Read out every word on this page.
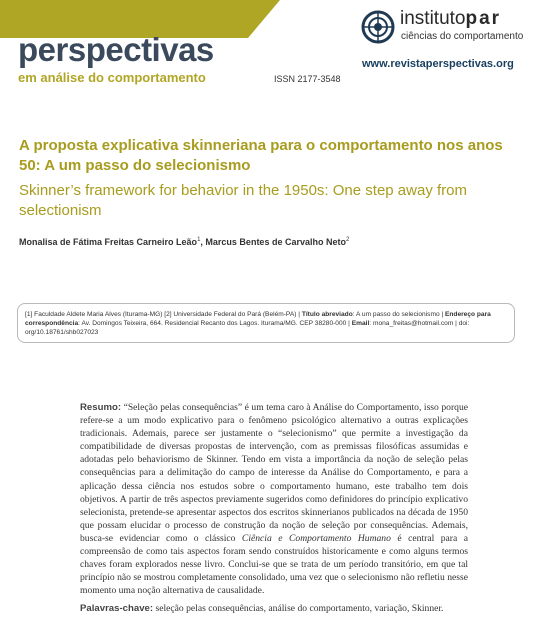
perspectivas
em análise do comportamento	ISSN 2177-3548
institutopar
ciências do comportamento
www.revistaperspectivas.org
A proposta explicativa skinneriana para o comportamento nos anos 50: A um passo do selecionismo
Skinner’s framework for behavior in the 1950s: One step away from selectionism
Monalisa de Fátima Freitas Carneiro Leão$^1$, Marcus Bentes de Carvalho Neto$^2$
[1] Faculdade Aldete Maria Alves (Iturama-MG) [2] Universidade Federal do Pará (Belém-PA) | Título abreviado: A um passo do selecionismo | Endereço para correspondência: Av. Domingos Teixeira, 664. Residencial Recanto dos Lagos. Iturama/MG. CEP 38280-000 | Email: mona_freitas@hotmail.com | doi: org/10.18761/shb027023
Resumo: “Seleção pelas consequências” é um tema caro à Análise do Comportamento, isso porque refere-se a um modo explicativo para o fenômeno psicológico alternativo a outras explicações tradicionais. Ademais, parece ser justamente o “selecionismo” que permite a investigação da compatibilidade de diversas propostas de intervenção, com as premissas filosóficas assumidas e adotadas pelo behaviorismo de Skinner. Tendo em vista a importância da noção de seleção pelas consequências para a delimitação do campo de interesse da Análise do Comportamento, e para a aplicação dessa ciência nos estudos sobre o comportamento humano, este trabalho tem dois objetivos. A partir de três aspectos previamente sugeridos como definidores do princípio explicativo selecionista, pretende-se apresentar aspectos dos escritos skinnerianos publicados na década de 1950 que possam elucidar o processo de construção da noção de seleção por consequências. Ademais, busca-se evidenciar como o clássico Ciência e Comportamento Humano é central para a compreensão de como tais aspectos foram sendo construídos historicamente e como alguns termos chaves foram explorados nesse livro. Conclui-se que se trata de um período transitório, em que tal princípio não se mostrou completamente consolidado, uma vez que o selecionismo não refletiu nesse momento uma noção alternativa de causalidade.
Palavras-chave: seleção pelas consequências, análise do comportamento, variação, Skinner.
